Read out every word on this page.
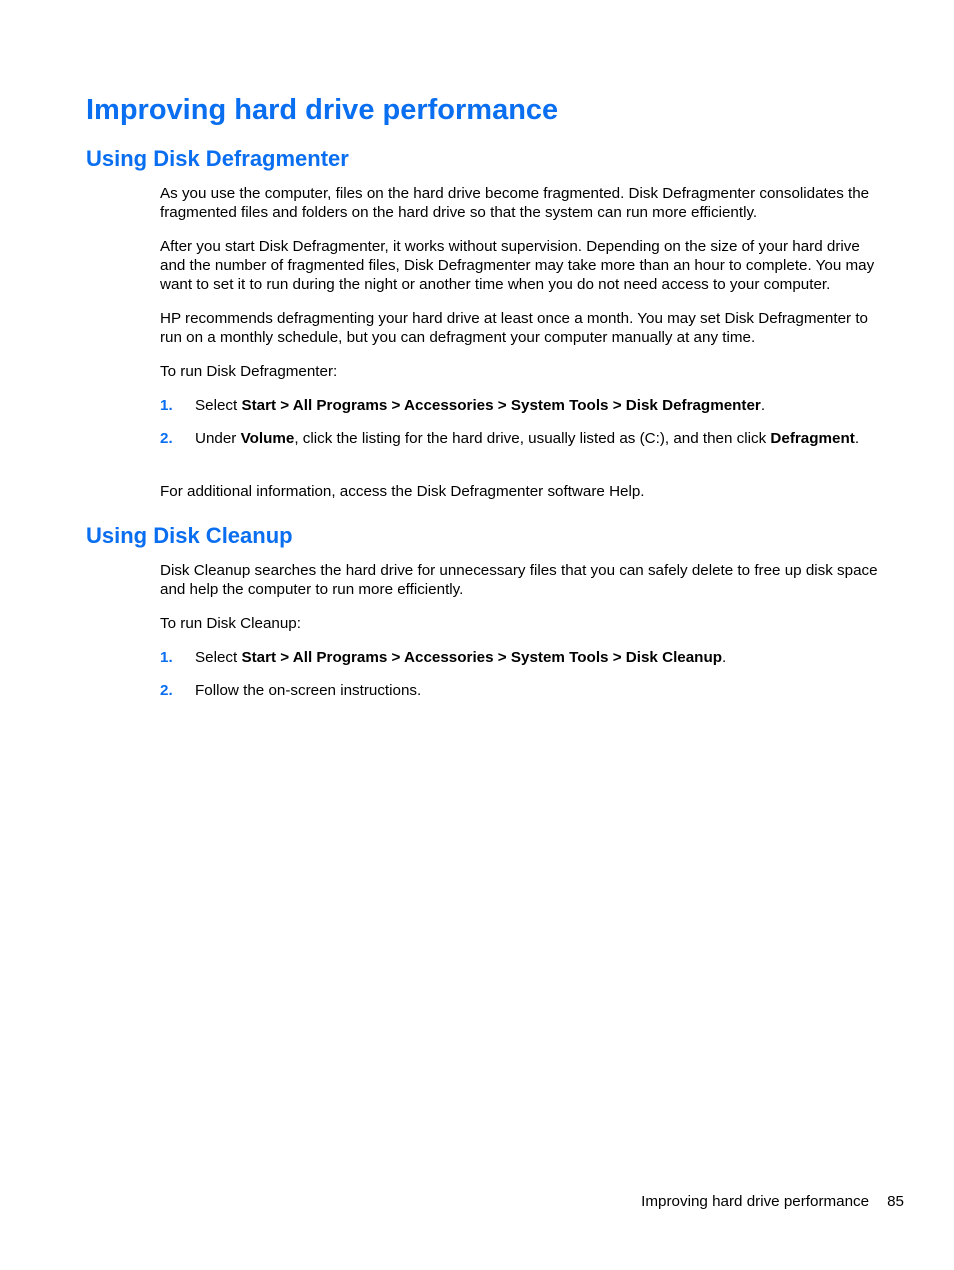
Improving hard drive performance
Using Disk Defragmenter

As you use the computer, files on the hard drive become fragmented. Disk Defragmenter consolidates the fragmented files and folders on the hard drive so that the system can run more efficiently.

After you start Disk Defragmenter, it works without supervision. Depending on the size of your hard drive and the number of fragmented files, Disk Defragmenter may take more than an hour to complete. You may want to set it to run during the night or another time when you do not need access to your computer.

HP recommends defragmenting your hard drive at least once a month. You may set Disk Defragmenter to run on a monthly schedule, but you can defragment your computer manually at any time.

To run Disk Defragmenter:

1. Select Start > All Programs > Accessories > System Tools > Disk Defragmenter.
2. Under Volume, click the listing for the hard drive, usually listed as (C:), and then click Defragment.

For additional information, access the Disk Defragmenter software Help.

Using Disk Cleanup

Disk Cleanup searches the hard drive for unnecessary files that you can safely delete to free up disk space and help the computer to run more efficiently.

To run Disk Cleanup:

1. Select Start > All Programs > Accessories > System Tools > Disk Cleanup.
2. Follow the on-screen instructions.
Improving hard drive performance 85
